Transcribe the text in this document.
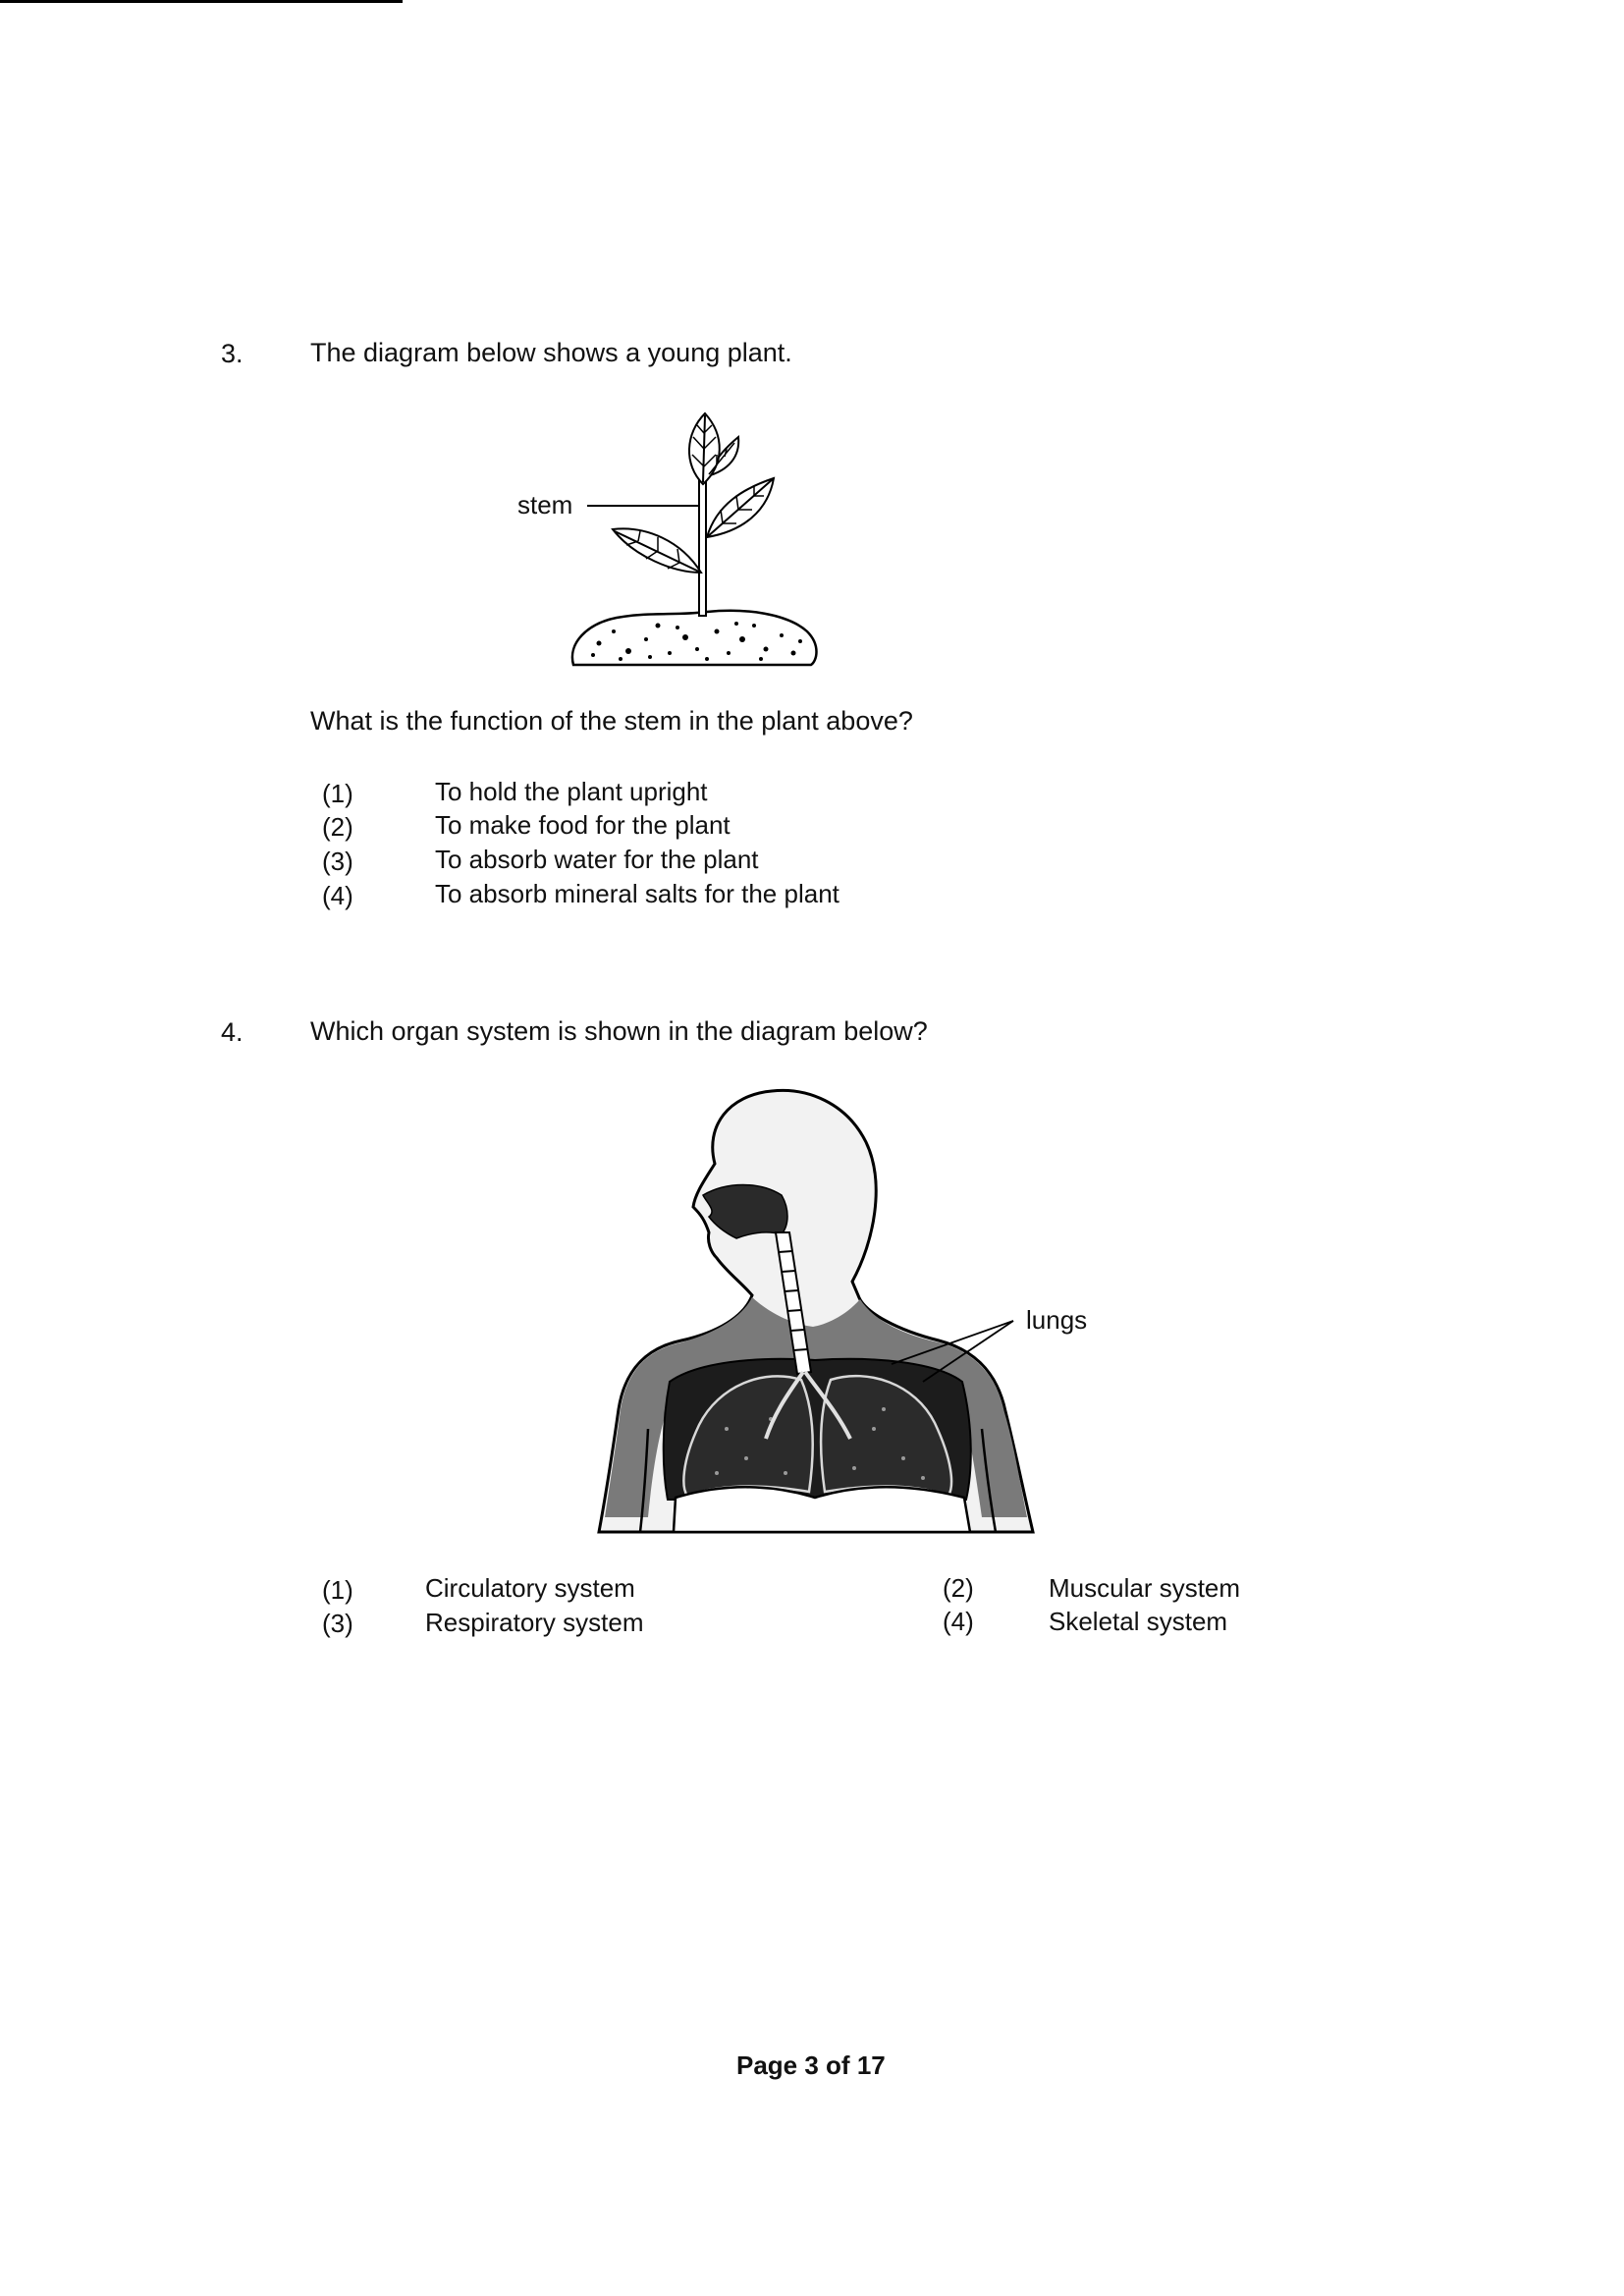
3.	The diagram below shows a young plant.
stem
What is the function of the stem in the plant above?
(1)	To hold the plant upright
(2)	To make food for the plant
(3)	To absorb water for the plant
(4)	To absorb mineral salts for the plant
4.	Which organ system is shown in the diagram below?
lungs
(1)	Circulatory system	(2)	Muscular system
(3)	Respiratory system	(4)	Skeletal system
Page 3 of 17
